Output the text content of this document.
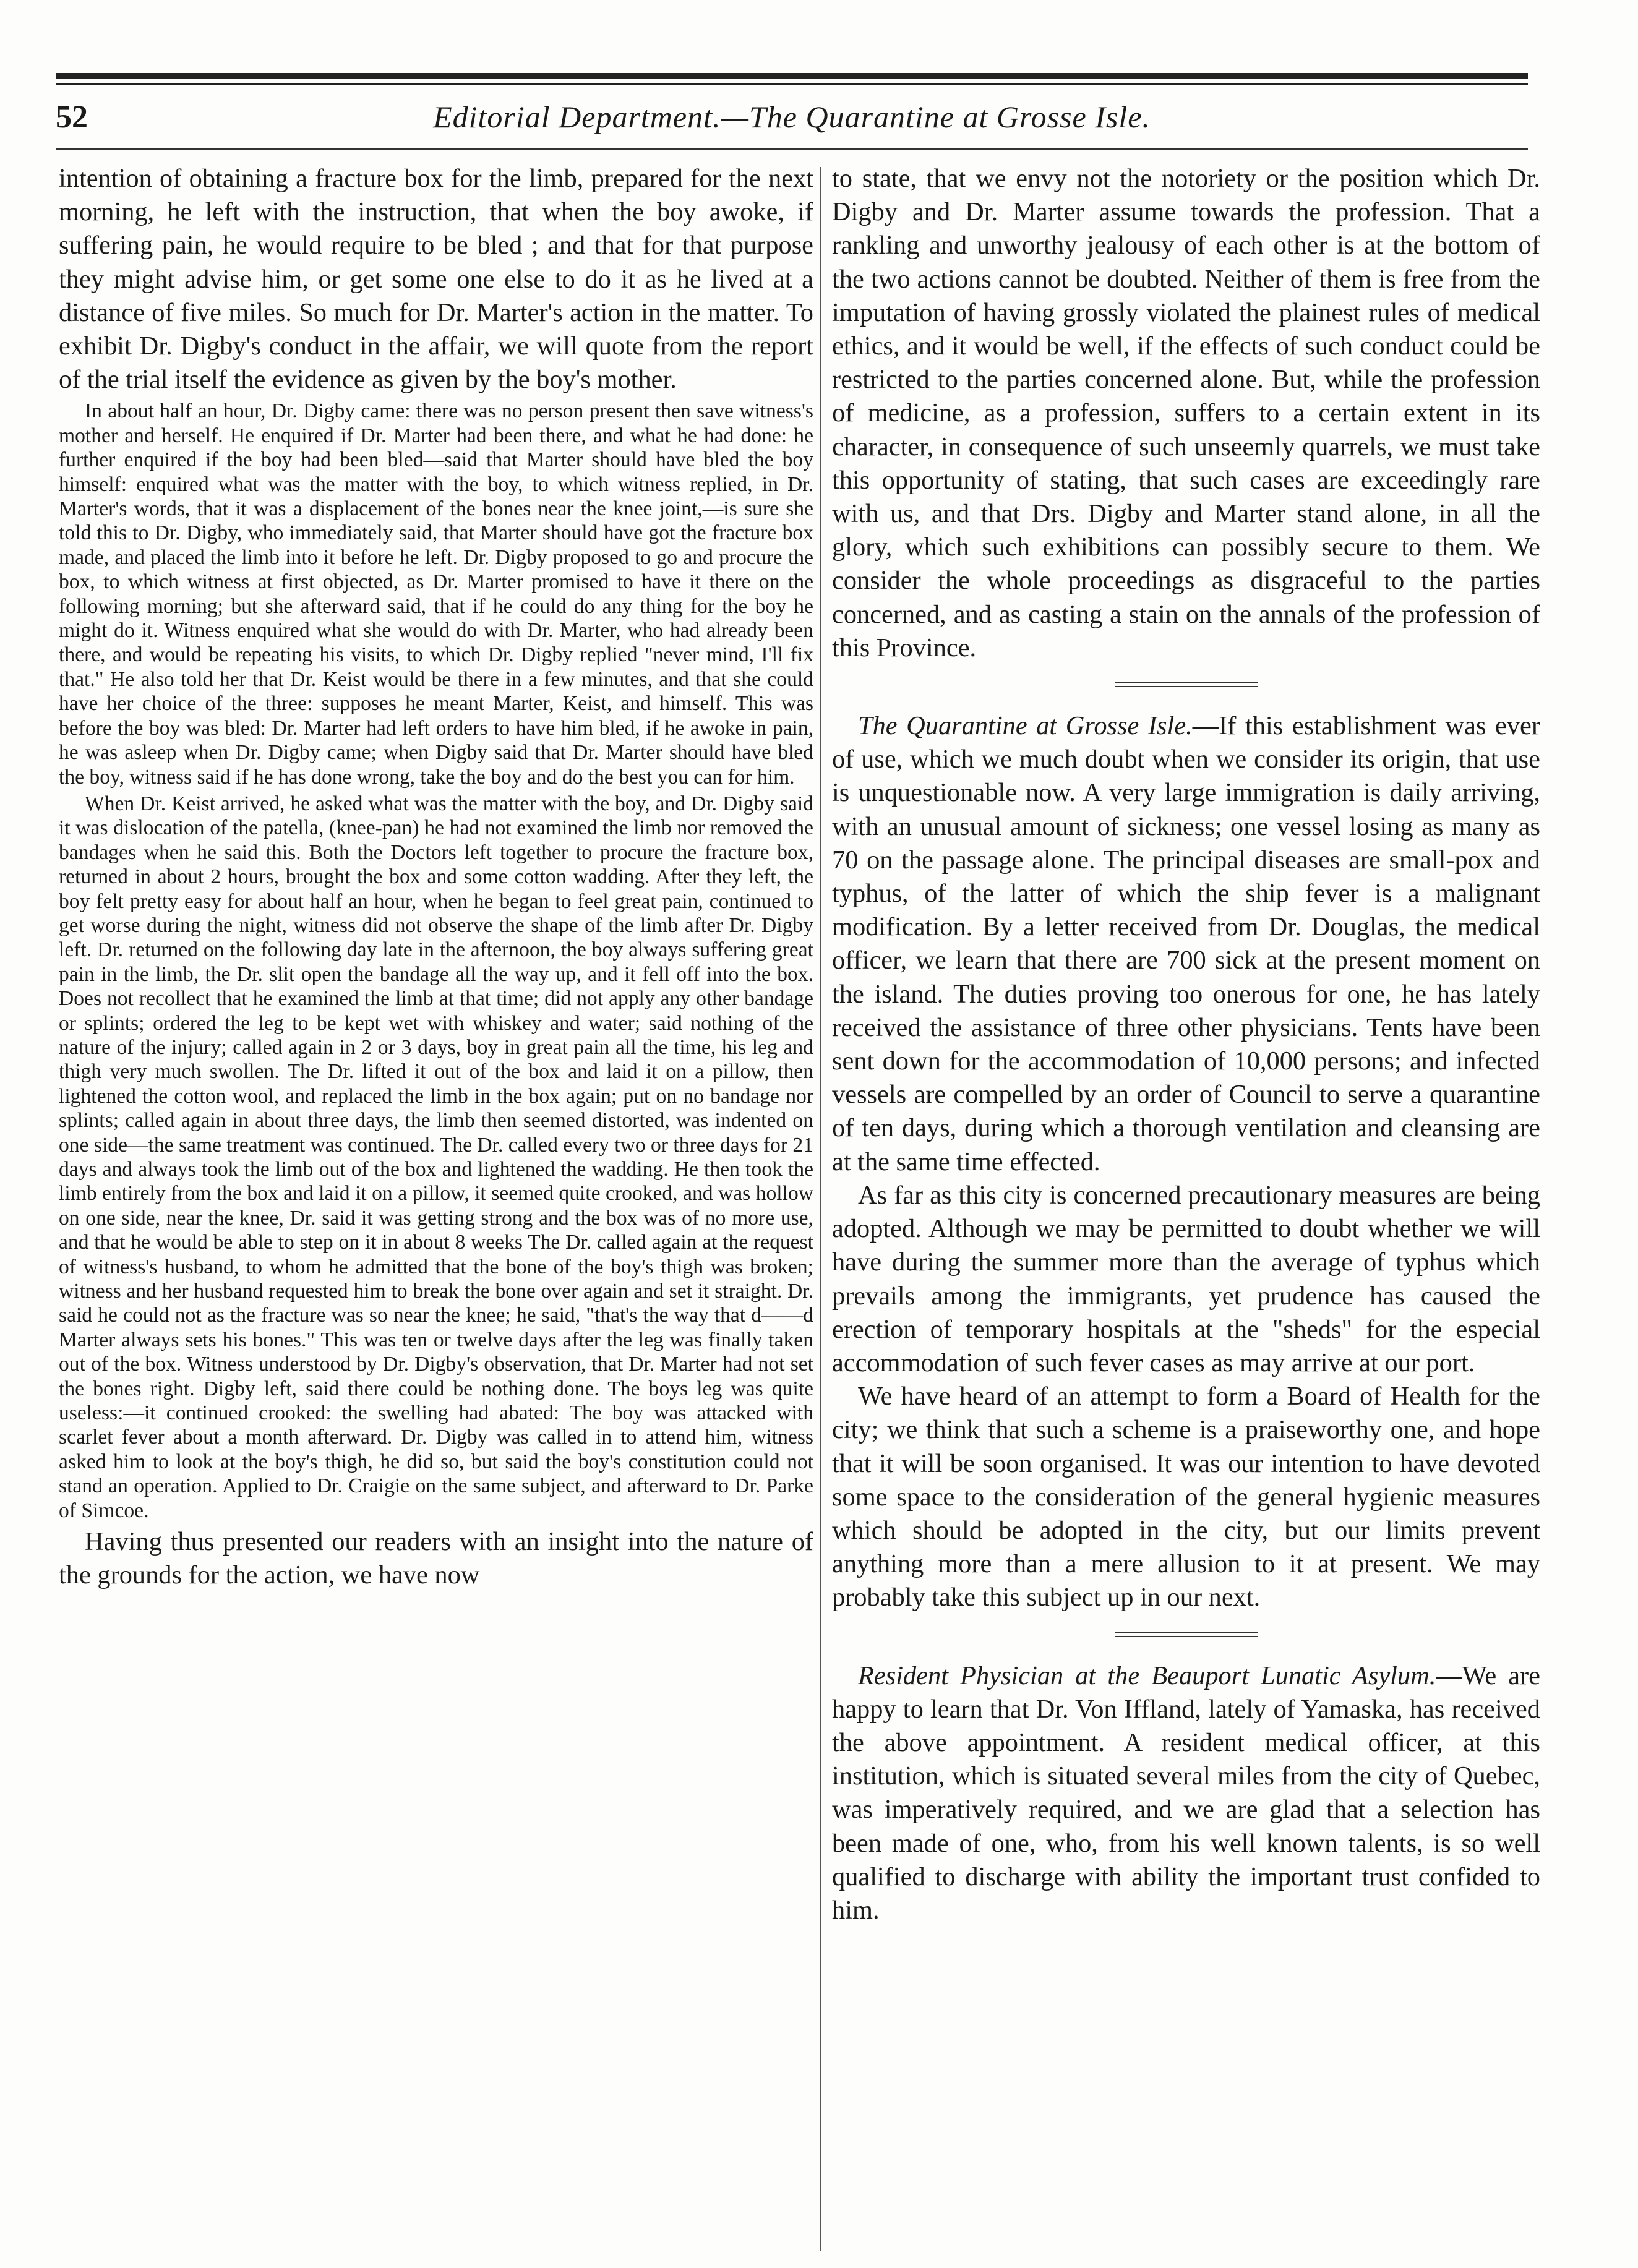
Editorial Department.—The Quarantine at Grosse Isle.
52

intention of obtaining a fracture box for the limb, prepared for the next morning, he left with the instruction, that when the boy awoke, if suffering pain, he would require to be bled ; and that for that purpose they might advise him, or get some one else to do it as he lived at a distance of five miles. So much for Dr. Marter's action in the matter. To exhibit Dr. Digby's conduct in the affair, we will quote from the report of the trial itself the evidence as given by the boy's mother.

In about half an hour, Dr. Digby came: there was no person present then save witness's mother and herself. He enquired if Dr. Marter had been there, and what he had done: he further enquired if the boy had been bled—said that Marter should have bled the boy himself: enquired what was the matter with the boy, to which witness replied, in Dr. Marter's words, that it was a displacement of the bones near the knee joint,—is sure she told this to Dr. Digby, who immediately said, that Marter should have got the fracture box made, and placed the limb into it before he left. Dr. Digby proposed to go and procure the box, to which witness at first objected, as Dr. Marter promised to have it there on the following morning; but she afterward said, that if he could do any thing for the boy he might do it. Witness enquired what she would do with Dr. Marter, who had already been there, and would be repeating his visits, to which Dr. Digby replied "never mind, I'll fix that." He also told her that Dr. Keist would be there in a few minutes, and that she could have her choice of the three: supposes he meant Marter, Keist, and himself. This was before the boy was bled: Dr. Marter had left orders to have him bled, if he awoke in pain, he was asleep when Dr. Digby came; when Digby said that Dr. Marter should have bled the boy, witness said if he has done wrong, take the boy and do the best you can for him.

When Dr. Keist arrived, he asked what was the matter with the boy, and Dr. Digby said it was dislocation of the patella, (knee-pan) he had not examined the limb nor removed the bandages when he said this. Both the Doctors left together to procure the fracture box, returned in about 2 hours, brought the box and some cotton wadding. After they left, the boy felt pretty easy for about half an hour, when he began to feel great pain, continued to get worse during the night, witness did not observe the shape of the limb after Dr. Digby left. Dr. returned on the following day late in the afternoon, the boy always suffering great pain in the limb, the Dr. slit open the bandage all the way up, and it fell off into the box. Does not recollect that he examined the limb at that time; did not apply any other bandage or splints; ordered the leg to be kept wet with whiskey and water; said nothing of the nature of the injury; called again in 2 or 3 days, boy in great pain all the time, his leg and thigh very much swollen. The Dr. lifted it out of the box and laid it on a pillow, then lightened the cotton wool, and replaced the limb in the box again; put on no bandage nor splints; called again in about three days, the limb then seemed distorted, was indented on one side—the same treatment was continued. The Dr. called every two or three days for 21 days and always took the limb out of the box and lightened the wadding. He then took the limb entirely from the box and laid it on a pillow, it seemed quite crooked, and was hollow on one side, near the knee, Dr. said it was getting strong and the box was of no more use, and that he would be able to step on it in about 8 weeks The Dr. called again at the request of witness's husband, to whom he admitted that the bone of the boy's thigh was broken; witness and her husband requested him to break the bone over again and set it straight. Dr. said he could not as the fracture was so near the knee; he said, "that's the way that d——d Marter always sets his bones." This was ten or twelve days after the leg was finally taken out of the box. Witness understood by Dr. Digby's observation, that Dr. Marter had not set the bones right. Digby left, said there could be nothing done. The boys leg was quite useless:—it continued crooked: the swelling had abated: The boy was attacked with scarlet fever about a month afterward. Dr. Digby was called in to attend him, witness asked him to look at the boy's thigh, he did so, but said the boy's constitution could not stand an operation. Applied to Dr. Craigie on the same subject, and afterward to Dr. Parke of Simcoe.

Having thus presented our readers with an insight into the nature of the grounds for the action, we have now

to state, that we envy not the notoriety or the position which Dr. Digby and Dr. Marter assume towards the profession. That a rankling and unworthy jealousy of each other is at the bottom of the two actions cannot be doubted. Neither of them is free from the imputation of having grossly violated the plainest rules of medical ethics, and it would be well, if the effects of such conduct could be restricted to the parties concerned alone. But, while the profession of medicine, as a profession, suffers to a certain extent in its character, in consequence of such unseemly quarrels, we must take this opportunity of stating, that such cases are exceedingly rare with us, and that Drs. Digby and Marter stand alone, in all the glory, which such exhibitions can possibly secure to them. We consider the whole proceedings as disgraceful to the parties concerned, and as casting a stain on the annals of the profession of this Province.

The Quarantine at Grosse Isle.—If this establishment was ever of use, which we much doubt when we consider its origin, that use is unquestionable now. A very large immigration is daily arriving, with an unusual amount of sickness; one vessel losing as many as 70 on the passage alone. The principal diseases are small-pox and typhus, of the latter of which the ship fever is a malignant modification. By a letter received from Dr. Douglas, the medical officer, we learn that there are 700 sick at the present moment on the island. The duties proving too onerous for one, he has lately received the assistance of three other physicians. Tents have been sent down for the accommodation of 10,000 persons; and infected vessels are compelled by an order of Council to serve a quarantine of ten days, during which a thorough ventilation and cleansing are at the same time effected.

As far as this city is concerned precautionary measures are being adopted. Although we may be permitted to doubt whether we will have during the summer more than the average of typhus which prevails among the immigrants, yet prudence has caused the erection of temporary hospitals at the "sheds" for the especial accommodation of such fever cases as may arrive at our port.

We have heard of an attempt to form a Board of Health for the city; we think that such a scheme is a praiseworthy one, and hope that it will be soon organised. It was our intention to have devoted some space to the consideration of the general hygienic measures which should be adopted in the city, but our limits prevent anything more than a mere allusion to it at present. We may probably take this subject up in our next.

Resident Physician at the Beauport Lunatic Asylum.—We are happy to learn that Dr. Von Iffland, lately of Yamaska, has received the above appointment. A resident medical officer, at this institution, which is situated several miles from the city of Quebec, was imperatively required, and we are glad that a selection has been made of one, who, from his well known talents, is so well qualified to discharge with ability the important trust confided to him.
